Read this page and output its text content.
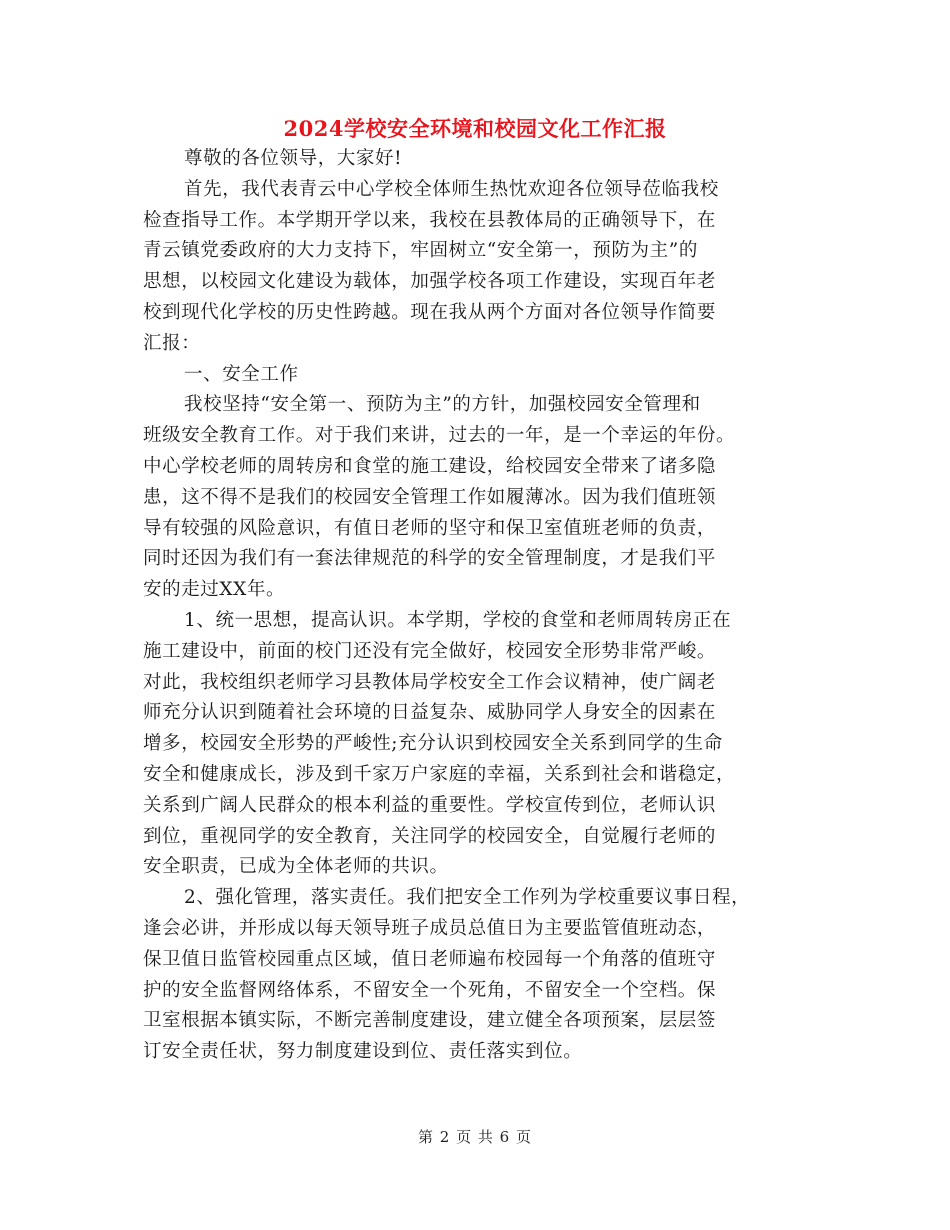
2024学校安全环境和校园文化工作汇报
尊敬的各位领导，大家好!
首先，我代表青云中心学校全体师生热忱欢迎各位领导莅临我校
检查指导工作。本学期开学以来，我校在县教体局的正确领导下，在
青云镇党委政府的大力支持下，牢固树立“安全第一，预防为主”的
思想，以校园文化建设为载体，加强学校各项工作建设，实现百年老
校到现代化学校的历史性跨越。现在我从两个方面对各位领导作简要
汇报：
一、安全工作
我校坚持“安全第一、预防为主”的方针，加强校园安全管理和
班级安全教育工作。对于我们来讲，过去的一年，是一个幸运的年份。
中心学校老师的周转房和食堂的施工建设，给校园安全带来了诸多隐
患，这不得不是我们的校园安全管理工作如履薄冰。因为我们值班领
导有较强的风险意识，有值日老师的坚守和保卫室值班老师的负责，
同时还因为我们有一套法律规范的科学的安全管理制度，才是我们平
安的走过XX年。
1、统一思想，提高认识。本学期，学校的食堂和老师周转房正在
施工建设中，前面的校门还没有完全做好，校园安全形势非常严峻。
对此，我校组织老师学习县教体局学校安全工作会议精神，使广阔老
师充分认识到随着社会环境的日益复杂、威胁同学人身安全的因素在
增多，校园安全形势的严峻性;充分认识到校园安全关系到同学的生命
安全和健康成长，涉及到千家万户家庭的幸福，关系到社会和谐稳定，
关系到广阔人民群众的根本利益的重要性。学校宣传到位，老师认识
到位，重视同学的安全教育，关注同学的校园安全，自觉履行老师的
安全职责，已成为全体老师的共识。
2、强化管理，落实责任。我们把安全工作列为学校重要议事日程，
逢会必讲，并形成以每天领导班子成员总值日为主要监管值班动态，
保卫值日监管校园重点区域，值日老师遍布校园每一个角落的值班守
护的安全监督网络体系，不留安全一个死角，不留安全一个空档。保
卫室根据本镇实际，不断完善制度建设，建立健全各项预案，层层签
订安全责任状，努力制度建设到位、责任落实到位。
第 2 页 共 6 页
